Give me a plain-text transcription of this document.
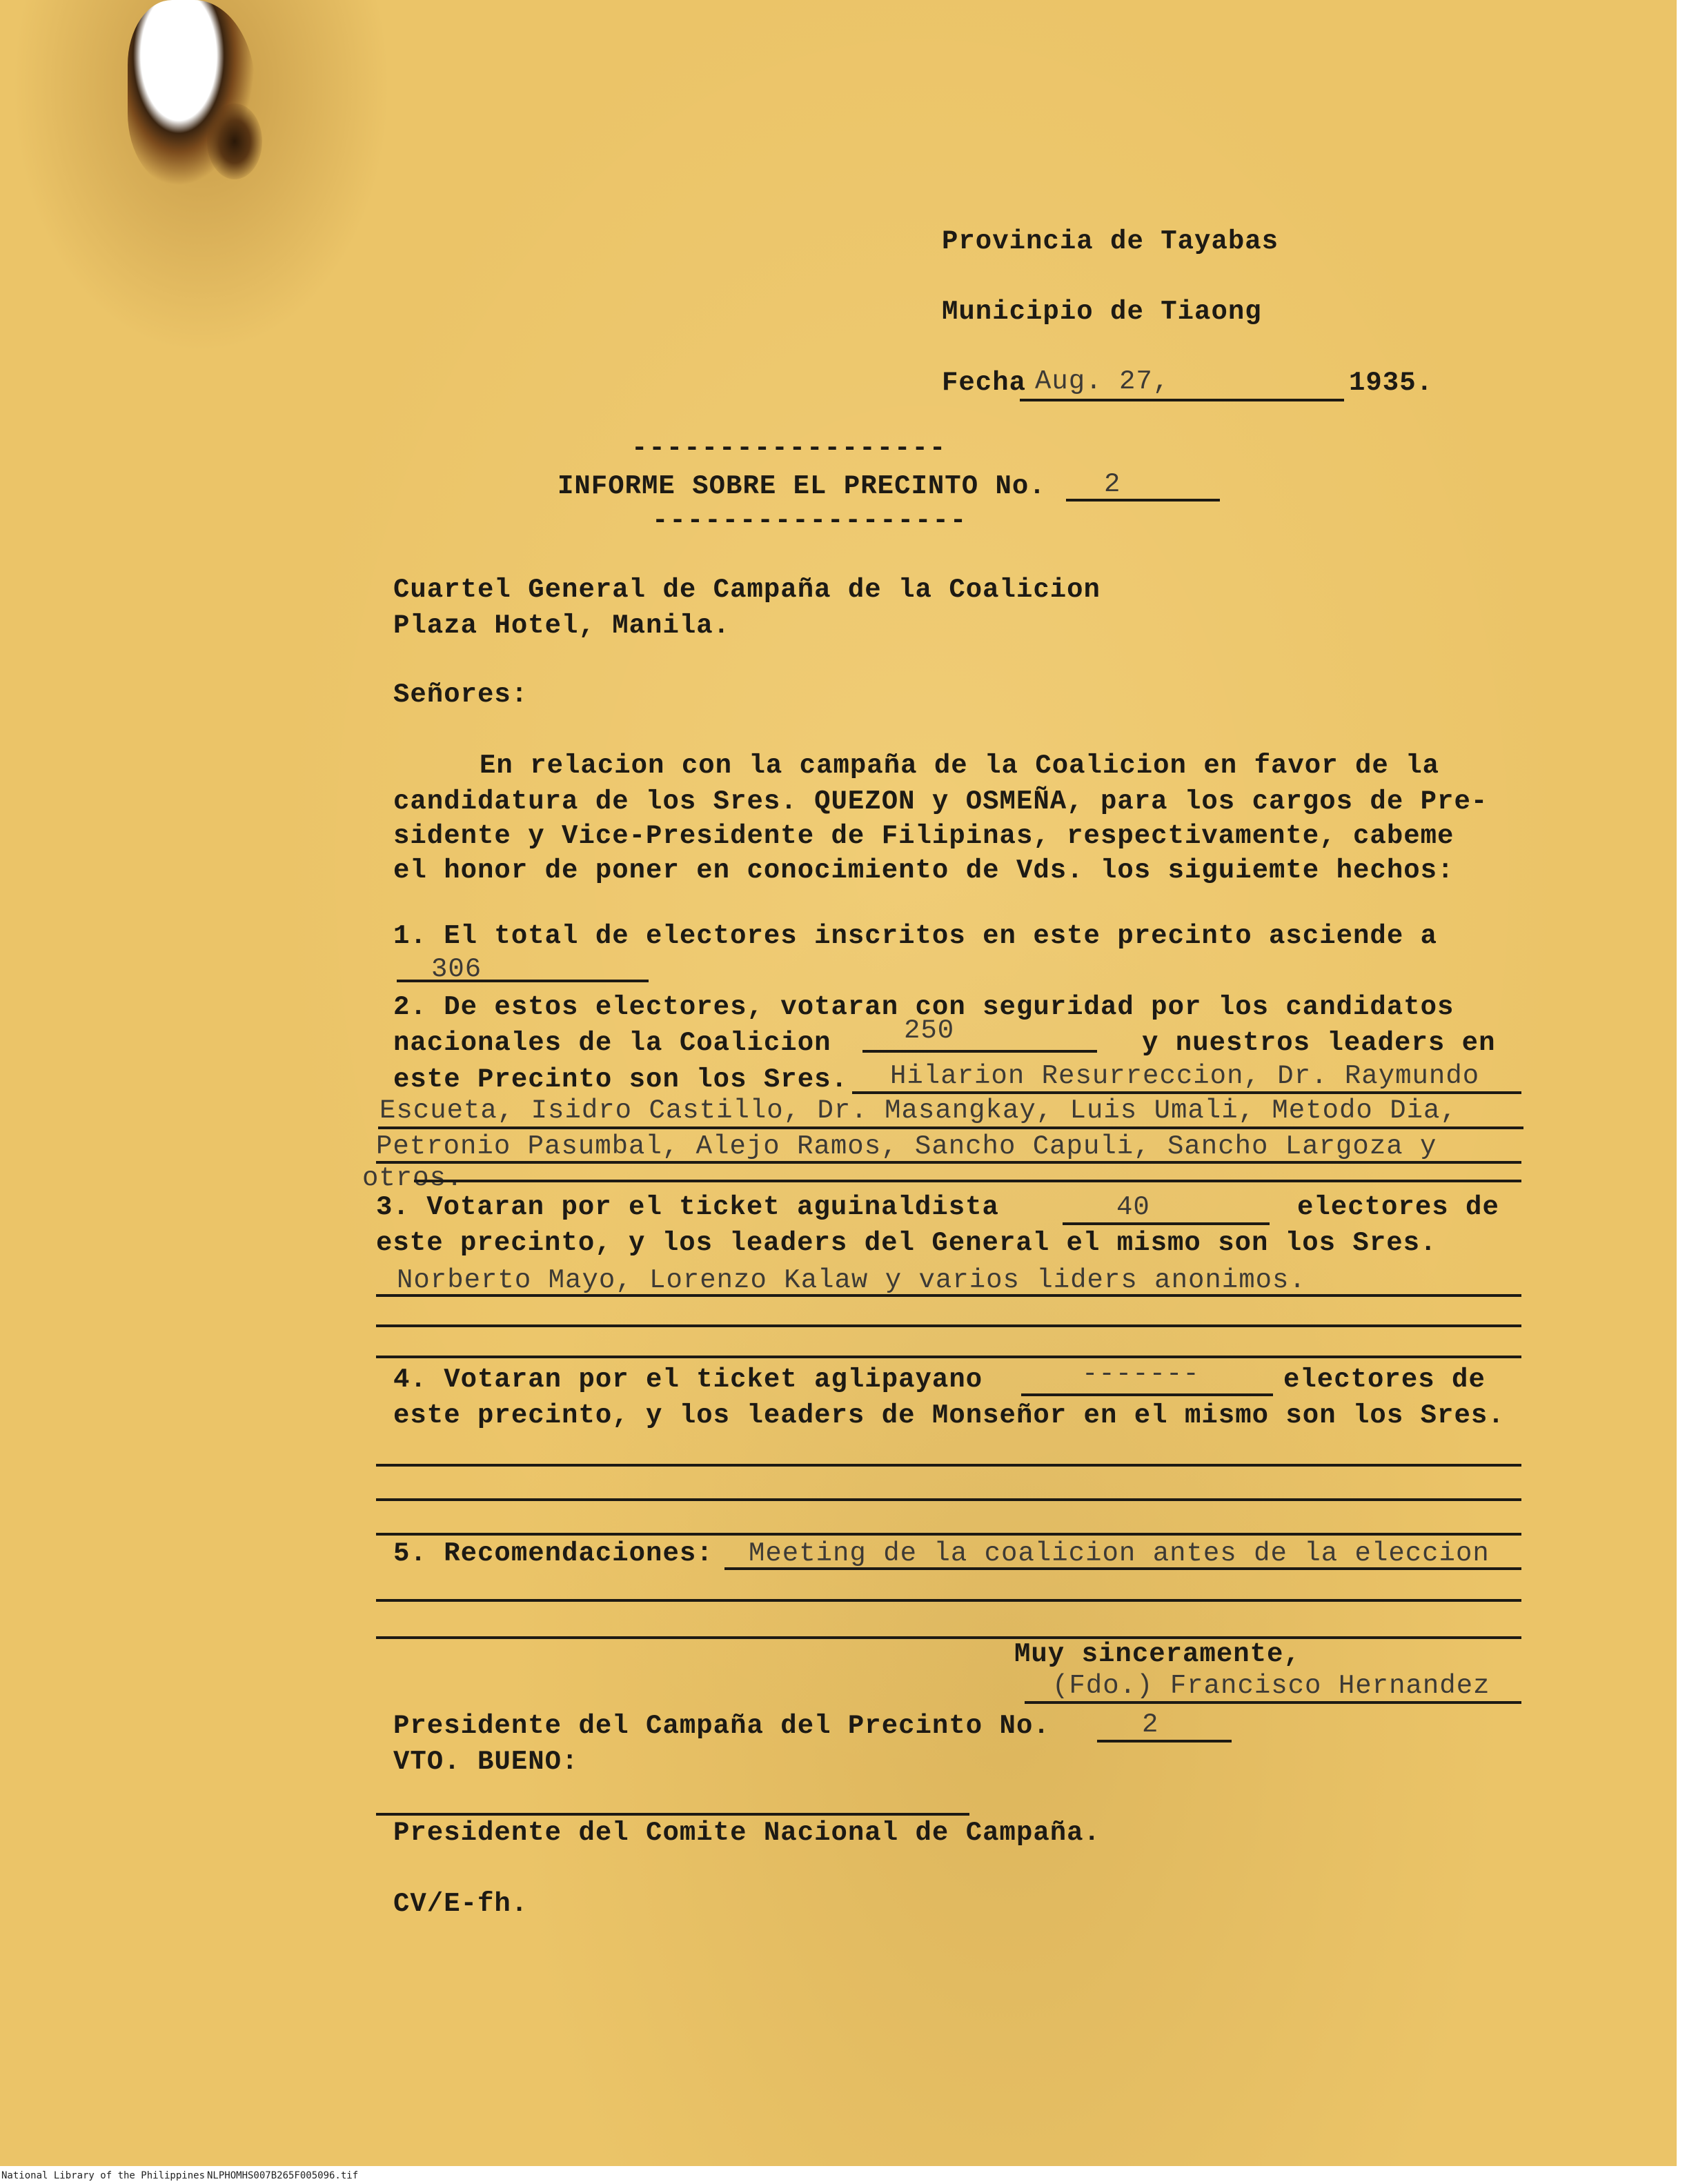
Provincia de Tayabas
Municipio de Tiaong
Fecha Aug. 27,	1935.
------------------
INFORME SOBRE EL PRECINTO No. 2
------------------
Cuartel General de Campaña de la Coalicion
Plaza Hotel, Manila.
Señores:
En relacion con la campaña de la Coalicion en favor de la
candidatura de los Sres. QUEZON y OSMEÑA, para los cargos de Pre-
sidente y Vice-Presidente de Filipinas, respectivamente, cabeme
el honor de poner en conocimiento de Vds. los siguiemte hechos:
1. El total de electores inscritos en este precinto asciende a
306
2. De estos electores, votaran con seguridad por los candidatos
nacionales de la Coalicion	250	y nuestros leaders en
este Precinto son los Sres. Hilarion Resurreccion, Dr. Raymundo
Escueta, Isidro Castillo, Dr. Masangkay, Luis Umali, Metodo Dia,
Petronio Pasumbal, Alejo Ramos, Sancho Capuli, Sancho Largoza y
otros.
3. Votaran por el ticket aguinaldista	40	electores de
este precinto, y los leaders del General el mismo son los Sres.
Norberto Mayo, Lorenzo Kalaw y varios liders anonimos.
4. Votaran por el ticket aglipayano	-------	electores de
este precinto, y los leaders de Monseñor en el mismo son los Sres.
5. Recomendaciones: Meeting de la coalicion antes de la eleccion
Muy sinceramente,
(Fdo.) Francisco Hernandez
Presidente del Campaña del Precinto No.	2
VTO. BUENO:
Presidente del Comite Nacional de Campaña.
CV/E-fh.
National Library of the Philippines NLPHOMHS007B265F005096.tif
